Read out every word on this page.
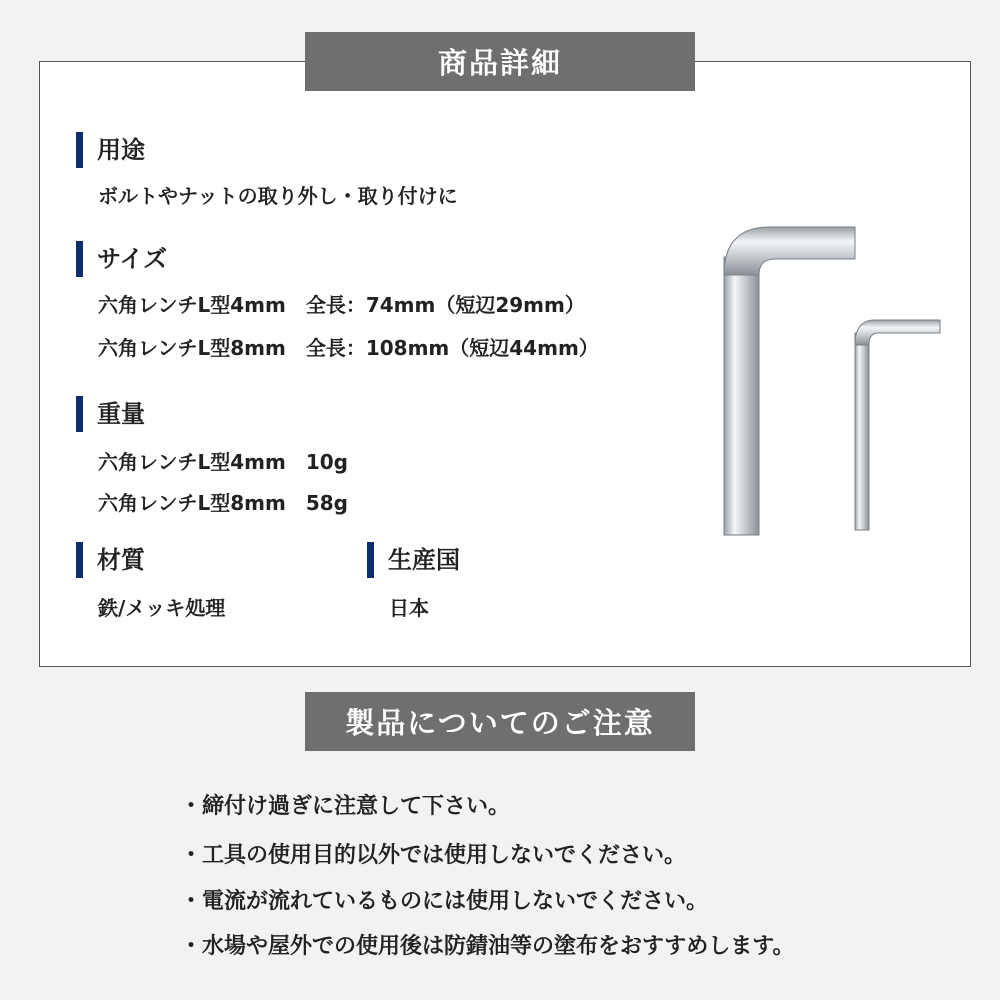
商品詳細
用途
ボルトやナットの取り外し・取り付けに
サイズ
六角レンチL型4mm　全長：74mm（短辺29mm）
六角レンチL型8mm　全長：108mm（短辺44mm）
重量
六角レンチL型4mm　10g
六角レンチL型8mm　58g
材質
鉄/メッキ処理
生産国
日本
製品についてのご注意
・締付け過ぎに注意して下さい。
・工具の使用目的以外では使用しないでください。
・電流が流れているものには使用しないでください。
・水場や屋外での使用後は防錆油等の塗布をおすすめします。
